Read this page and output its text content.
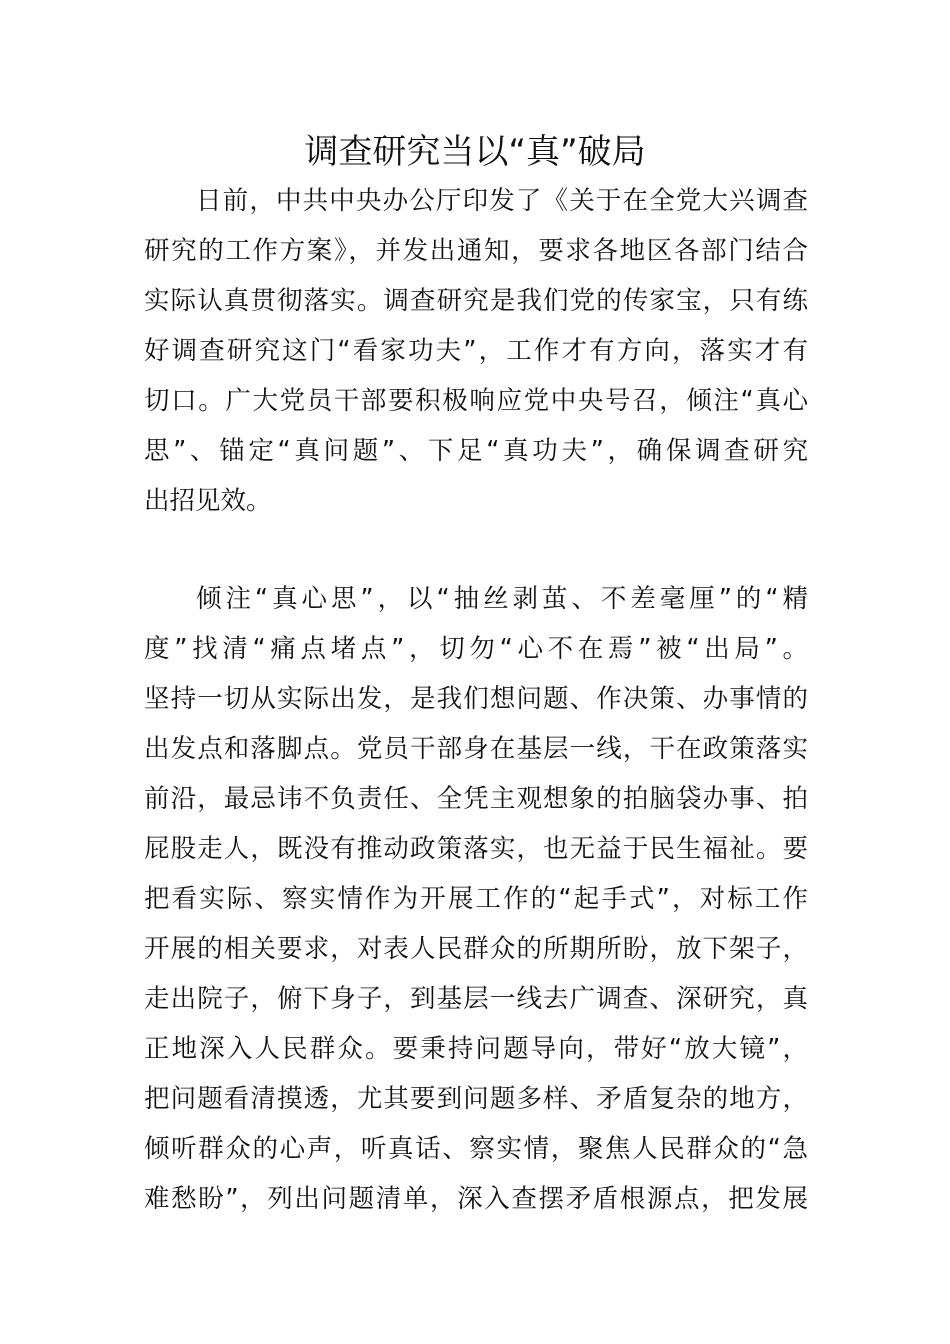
调查研究当以“真”破局
日前，中共中央办公厅印发了《关于在全党大兴调查
研究的工作方案》，并发出通知，要求各地区各部门结合
实际认真贯彻落实。调查研究是我们党的传家宝，只有练
好调查研究这门“看家功夫”，工作才有方向，落实才有
切口。广大党员干部要积极响应党中央号召，倾注“真心
思”、锚定“真问题”、下足“真功夫”，确保调查研究
出招见效。
倾注“真心思”，以“抽丝剥茧、不差毫厘”的“精
度”找清“痛点堵点”，切勿“心不在焉”被“出局”。
坚持一切从实际出发，是我们想问题、作决策、办事情的
出发点和落脚点。党员干部身在基层一线，干在政策落实
前沿，最忌讳不负责任、全凭主观想象的拍脑袋办事、拍
屁股走人，既没有推动政策落实，也无益于民生福祉。要
把看实际、察实情作为开展工作的“起手式”，对标工作
开展的相关要求，对表人民群众的所期所盼，放下架子，
走出院子，俯下身子，到基层一线去广调查、深研究，真
正地深入人民群众。要秉持问题导向，带好“放大镜”，
把问题看清摸透，尤其要到问题多样、矛盾复杂的地方，
倾听群众的心声，听真话、察实情，聚焦人民群众的“急
难愁盼”，列出问题清单，深入查摆矛盾根源点，把发展
